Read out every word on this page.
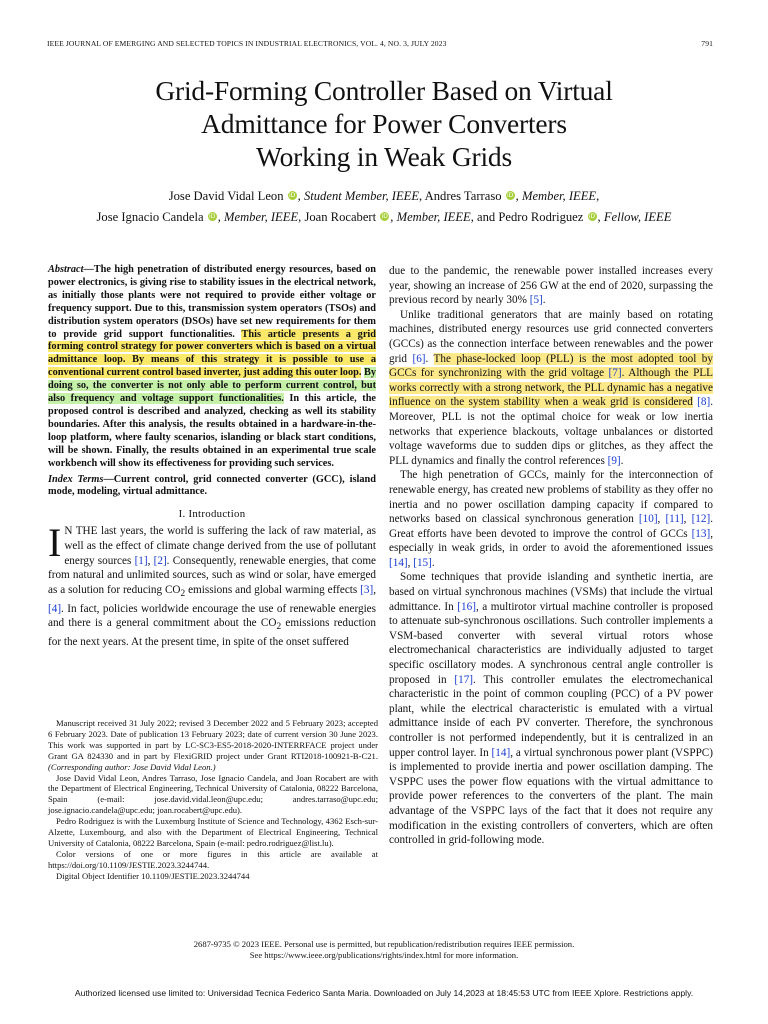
IEEE JOURNAL OF EMERGING AND SELECTED TOPICS IN INDUSTRIAL ELECTRONICS, VOL. 4, NO. 3, JULY 2023	791
Grid-Forming Controller Based on Virtual
Admittance for Power Converters
Working in Weak Grids
Jose David Vidal Leon iD , Student Member, IEEE, Andres Tarraso iD , Member, IEEE,
Jose Ignacio Candela iD , Member, IEEE, Joan Rocabert iD , Member, IEEE, and Pedro Rodriguez iD , Fellow, IEEE
Abstract—The high penetration of distributed energy resources, based on power electronics, is giving rise to stability issues in the electrical network, as initially those plants were not required to provide either voltage or frequency support. Due to this, transmission system operators (TSOs) and distribution system operators (DSOs) have set new requirements for them to provide grid support functionalities. This article presents a grid forming control strategy for power converters which is based on a virtual admittance loop. By means of this strategy it is possible to use a conventional current control based inverter, just adding this outer loop. By doing so, the converter is not only able to perform current control, but also frequency and voltage support functionalities. In this article, the proposed control is described and analyzed, checking as well its stability boundaries. After this analysis, the results obtained in a hardware-in-the-loop platform, where faulty scenarios, islanding or black start conditions, will be shown. Finally, the results obtained in an experimental true scale workbench will show its effectiveness for providing such services.
Index Terms—Current control, grid connected converter (GCC), island mode, modeling, virtual admittance.
I. Introduction
I N THE last years, the world is suffering the lack of raw material, as well as the effect of climate change derived from the use of pollutant energy sources [1], [2]. Consequently, renewable energies, that come from natural and unlimited sources, such as wind or solar, have emerged as a solution for reducing $CO_2$ emissions and global warming effects [3], [4]. In fact, policies worldwide encourage the use of renewable energies and there is a general commitment about the $CO_2$ emissions reduction for the next years. At the present time, in spite of the onset suffered

Manuscript received 31 July 2022; revised 3 December 2022 and 5 February 2023; accepted 6 February 2023. Date of publication 13 February 2023; date of current version 30 June 2023. This work was supported in part by LC-SC3-ES5-2018-2020-INTERRFACE project under Grant GA 824330 and in part by FlexiGRID project under Grant RTI2018-100921-B-C21. (Corresponding author: Jose David Vidal Leon.)

Jose David Vidal Leon, Andres Tarraso, Jose Ignacio Candela, and Joan Rocabert are with the Department of Electrical Engineering, Technical University of Catalonia, 08222 Barcelona, Spain (e-mail: jose.david.vidal.leon@upc.edu; andres.tarraso@upc.edu; jose.ignacio.candela@upc.edu; joan.rocabert@upc.edu).

Pedro Rodriguez is with the Luxemburg Institute of Science and Technology, 4362 Esch-sur-Alzette, Luxembourg, and also with the Department of Electrical Engineering, Technical University of Catalonia, 08222 Barcelona, Spain (e-mail: pedro.rodriguez@list.lu).

Color versions of one or more figures in this article are available at https://doi.org/10.1109/JESTIE.2023.3244744.

Digital Object Identifier 10.1109/JESTIE.2023.3244744

due to the pandemic, the renewable power installed increases every year, showing an increase of 256 GW at the end of 2020, surpassing the previous record by nearly 30% [5].

Unlike traditional generators that are mainly based on rotating machines, distributed energy resources use grid connected converters (GCCs) as the connection interface between renewables and the power grid [6]. The phase-locked loop (PLL) is the most adopted tool by GCCs for synchronizing with the grid voltage [7]. Although the PLL works correctly with a strong network, the PLL dynamic has a negative influence on the system stability when a weak grid is considered [8]. Moreover, PLL is not the optimal choice for weak or low inertia networks that experience blackouts, voltage unbalances or distorted voltage waveforms due to sudden dips or glitches, as they affect the PLL dynamics and finally the control references [9].

The high penetration of GCCs, mainly for the interconnection of renewable energy, has created new problems of stability as they offer no inertia and no power oscillation damping capacity if compared to networks based on classical synchronous generation [10], [11], [12]. Great efforts have been devoted to improve the control of GCCs [13], especially in weak grids, in order to avoid the aforementioned issues [14], [15].

Some techniques that provide islanding and synthetic inertia, are based on virtual synchronous machines (VSMs) that include the virtual admittance. In [16], a multirotor virtual machine controller is proposed to attenuate sub-synchronous oscillations. Such controller implements a VSM-based converter with several virtual rotors whose electromechanical characteristics are individually adjusted to target specific oscillatory modes. A synchronous central angle controller is proposed in [17]. This controller emulates the electromechanical characteristic in the point of common coupling (PCC) of a PV power plant, while the electrical characteristic is emulated with a virtual admittance inside of each PV converter. Therefore, the synchronous controller is not performed independently, but it is centralized in an upper control layer. In [14], a virtual synchronous power plant (VSPPC) is implemented to provide inertia and power oscillation damping. The VSPPC uses the power flow equations with the virtual admittance to provide power references to the converters of the plant. The main advantage of the VSPPC lays of the fact that it does not require any modification in the existing controllers of converters, which are often controlled in grid-following mode.

2687-9735 © 2023 IEEE. Personal use is permitted, but republication/redistribution requires IEEE permission.
See https://www.ieee.org/publications/rights/index.html for more information.
Authorized licensed use limited to: Universidad Tecnica Federico Santa Maria. Downloaded on July 14,2023 at 18:45:53 UTC from IEEE Xplore. Restrictions apply.
